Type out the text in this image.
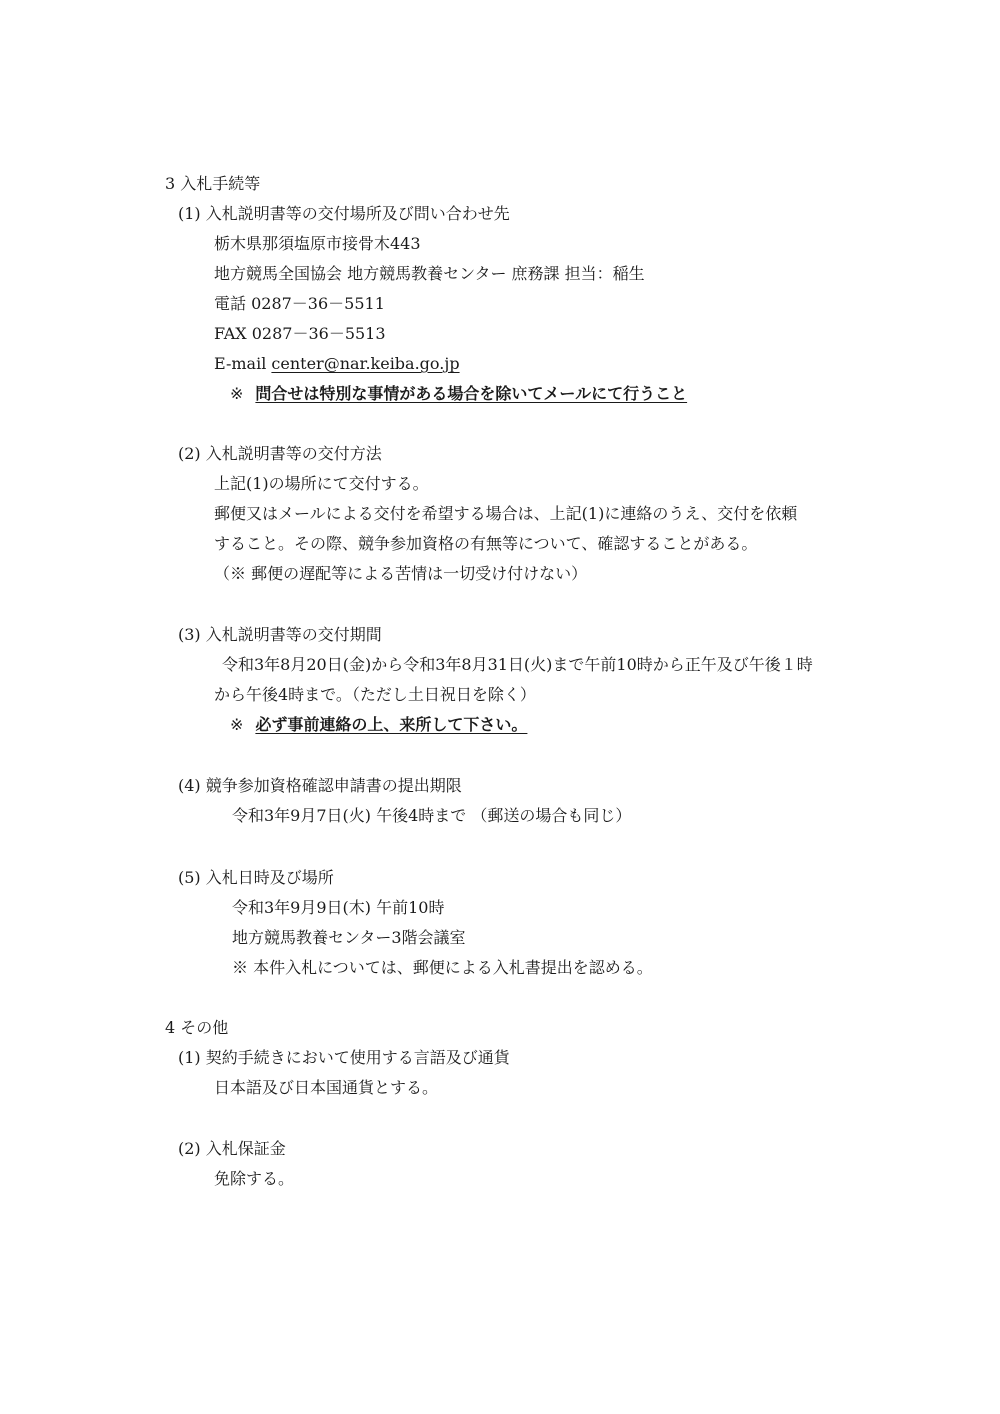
3 入札手続等
(1) 入札説明書等の交付場所及び問い合わせ先
栃木県那須塩原市接骨木443
地方競馬全国協会 地方競馬教養センター 庶務課 担当：稲生
電話 0287－36－5511
FAX 0287－36－5513
E-mail center@nar.keiba.go.jp
※ 問合せは特別な事情がある場合を除いてメールにて行うこと
(2) 入札説明書等の交付方法
上記(1)の場所にて交付する。
郵便又はメールによる交付を希望する場合は、上記(1)に連絡のうえ、交付を依頼
すること。その際、競争参加資格の有無等について、確認することがある。
（※ 郵便の遅配等による苦情は一切受け付けない）
(3) 入札説明書等の交付期間
令和3年8月20日(金)から令和3年8月31日(火)まで午前10時から正午及び午後１時
から午後4時まで。（ただし土日祝日を除く）
※ 必ず事前連絡の上、来所して下さい。
(4) 競争参加資格確認申請書の提出期限
令和3年9月7日(火) 午後4時まで （郵送の場合も同じ）
(5) 入札日時及び場所
令和3年9月9日(木) 午前10時
地方競馬教養センター3階会議室
※ 本件入札については、郵便による入札書提出を認める。
4 その他
(1) 契約手続きにおいて使用する言語及び通貨
日本語及び日本国通貨とする。
(2) 入札保証金
免除する。
